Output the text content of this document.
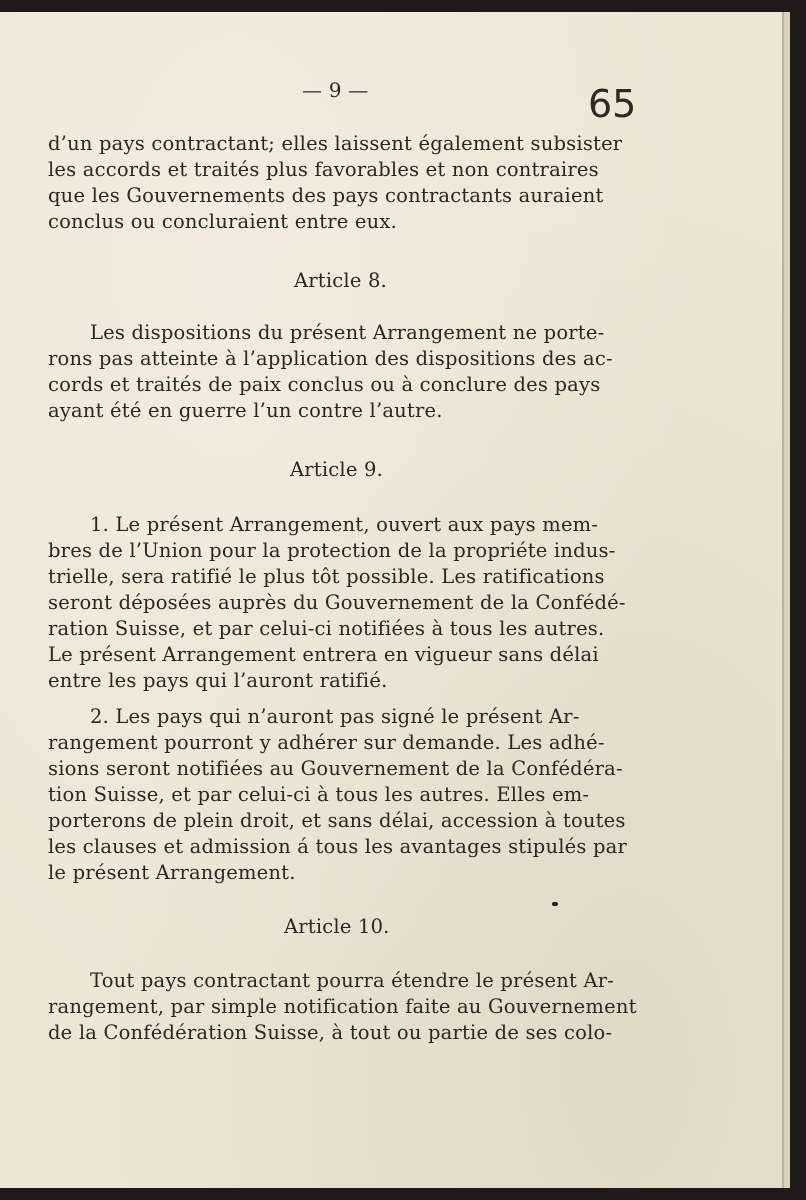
— 9 —	65
d’un pays contractant; elles laissent également subsister
les accords et traités plus favorables et non contraires
que les Gouvernements des pays contractants auraient
conclus ou concluraient entre eux.
Article 8.
Les dispositions du présent Arrangement ne porte-
rons pas atteinte à l’application des dispositions des ac-
cords et traités de paix conclus ou à conclure des pays
ayant été en guerre l’un contre l’autre.
Article 9.
1. Le présent Arrangement, ouvert aux pays mem-
bres de l’Union pour la protection de la propriéte indus-
trielle, sera ratifié le plus tôt possible. Les ratifications
seront déposées auprès du Gouvernement de la Confédé-
ration Suisse, et par celui-ci notifiées à tous les autres.
Le présent Arrangement entrera en vigueur sans délai
entre les pays qui l’auront ratifié.
2. Les pays qui n’auront pas signé le présent Ar-
rangement pourront y adhérer sur demande. Les adhé-
sions seront notifiées au Gouvernement de la Confédéra-
tion Suisse, et par celui-ci à tous les autres. Elles em-
porterons de plein droit, et sans délai, accession à toutes
les clauses et admission á tous les avantages stipulés par
le présent Arrangement.
Article 10.
Tout pays contractant pourra étendre le présent Ar-
rangement, par simple notification faite au Gouvernement
de la Confédération Suisse, à tout ou partie de ses colo-
